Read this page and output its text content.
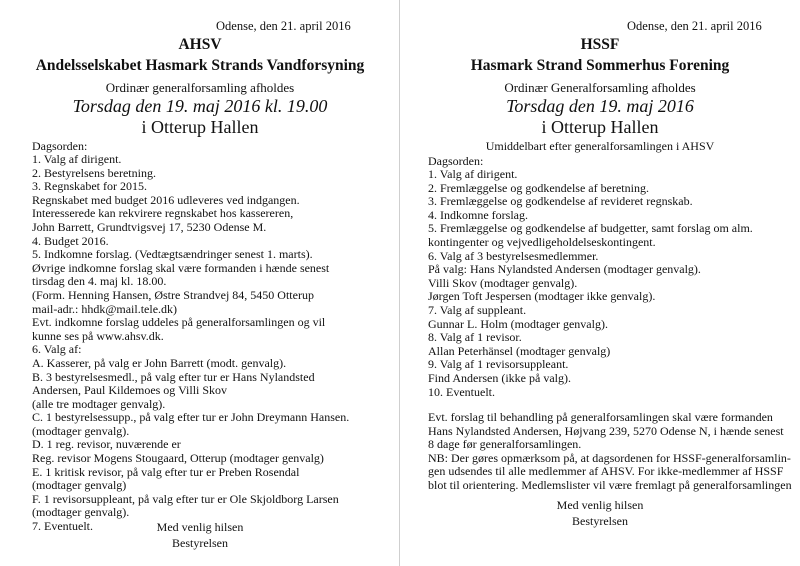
Odense, den 21. april 2016
AHSV
Andelsselskabet Hasmark Strands Vandforsyning
Ordinær generalforsamling afholdes
Torsdag den 19. maj 2016 kl. 19.00
i Otterup Hallen
Dagsorden:
1. Valg af dirigent.
2. Bestyrelsens beretning.
3. Regnskabet for 2015.
Regnskabet med budget 2016 udleveres ved indgangen.
Interesserede kan rekvirere regnskabet hos kassereren,
John Barrett, Grundtvigsvej 17, 5230 Odense M.
4. Budget 2016.
5. Indkomne forslag. (Vedtægtsændringer senest 1. marts).
Øvrige indkomne forslag skal være formanden i hænde senest
tirsdag den 4. maj kl. 18.00.
(Form. Henning Hansen, Østre Strandvej 84, 5450 Otterup
mail-adr.: hhdk@mail.tele.dk)
Evt. indkomne forslag uddeles på generalforsamlingen og vil
kunne ses på www.ahsv.dk.
6. Valg af:
A. Kasserer, på valg er John Barrett (modt. genvalg).
B. 3 bestyrelsesmedl., på valg efter tur er Hans Nylandsted
Andersen, Paul Kildemoes og Villi Skov
(alle tre modtager genvalg).
C. 1 bestyrelsessupp., på valg efter tur er John Dreymann Hansen.
(modtager genvalg).
D. 1 reg. revisor, nuværende er
Reg. revisor Mogens Stougaard, Otterup (modtager genvalg)
E. 1 kritisk revisor, på valg efter tur er Preben Rosendal
(modtager genvalg)
F. 1 revisorsuppleant, på valg efter tur er Ole Skjoldborg Larsen
(modtager genvalg).
7. Eventuelt.	Med venlig hilsen
Bestyrelsen
Odense, den 21. april 2016
HSSF
Hasmark Strand Sommerhus Forening
Ordinær Generalforsamling afholdes
Torsdag den 19. maj 2016
i Otterup Hallen
Umiddelbart efter generalforsamlingen i AHSV
Dagsorden:
1. Valg af dirigent.
2. Fremlæggelse og godkendelse af beretning.
3. Fremlæggelse og godkendelse af revideret regnskab.
4. Indkomne forslag.
5. Fremlæggelse og godkendelse af budgetter, samt forslag om alm.
kontingenter og vejvedligeholdelseskontingent.
6. Valg af 3 bestyrelsesmedlemmer.
På valg: Hans Nylandsted Andersen (modtager genvalg).
Villi Skov (modtager genvalg).
Jørgen Toft Jespersen (modtager ikke genvalg).
7. Valg af suppleant.
Gunnar L. Holm (modtager genvalg).
8. Valg af 1 revisor.
Allan Peterhänsel (modtager genvalg)
9. Valg af 1 revisorsuppleant.
Find Andersen (ikke på valg).
10. Eventuelt.
Evt. forslag til behandling på generalforsamlingen skal være formanden
Hans Nylandsted Andersen, Højvang 239, 5270 Odense N, i hænde senest
8 dage før generalforsamlingen.
NB: Der gøres opmærksom på, at dagsordenen for HSSF-generalforsamlin-
gen udsendes til alle medlemmer af AHSV. For ikke-medlemmer af HSSF
blot til orientering. Medlemslister vil være fremlagt på generalforsamlingen
Med venlig hilsen
Bestyrelsen
